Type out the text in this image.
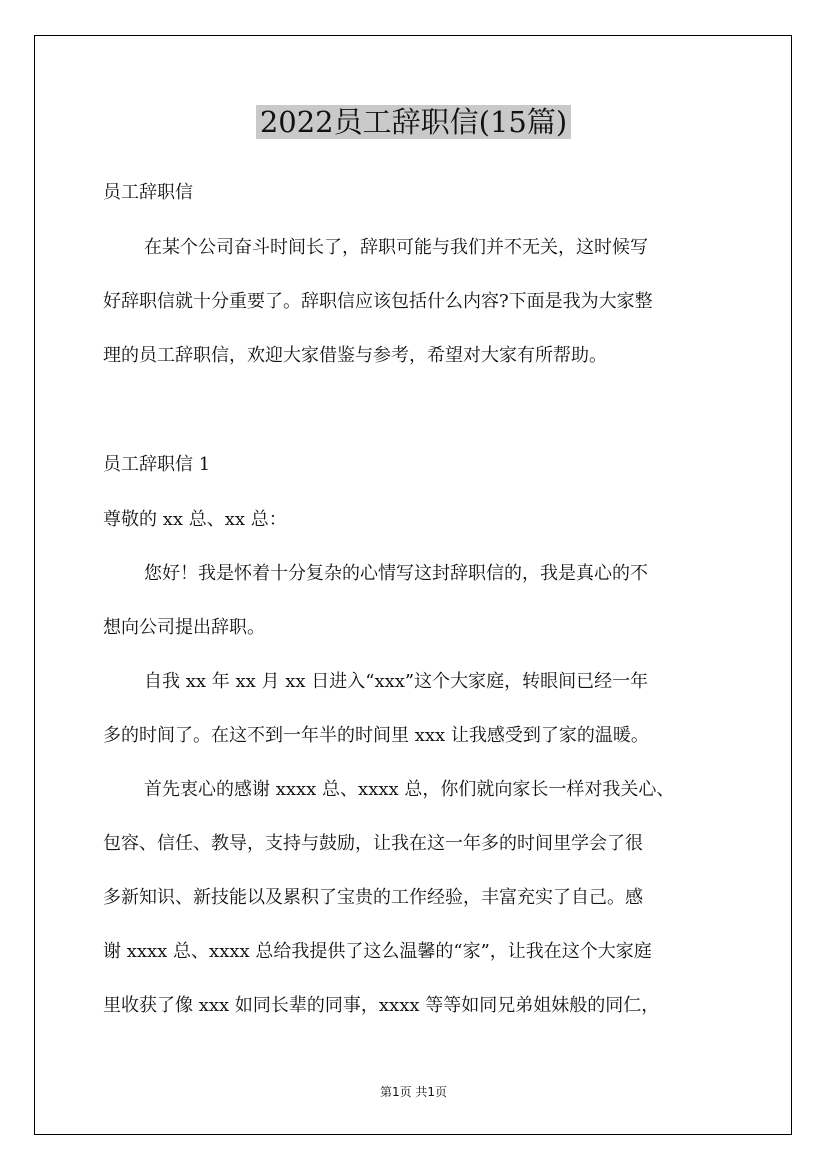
2022员工辞职信(15篇)
员工辞职信
在某个公司奋斗时间长了，辞职可能与我们并不无关，这时候写
好辞职信就十分重要了。辞职信应该包括什么内容?下面是我为大家整
理的员工辞职信，欢迎大家借鉴与参考，希望对大家有所帮助。
员工辞职信 1
尊敬的 xx 总、xx 总：
您好！我是怀着十分复杂的心情写这封辞职信的，我是真心的不
想向公司提出辞职。
自我 xx 年 xx 月 xx 日进入“xxx”这个大家庭，转眼间已经一年
多的时间了。在这不到一年半的时间里 xxx 让我感受到了家的温暖。
首先衷心的感谢 xxxx 总、xxxx 总，你们就向家长一样对我关心、
包容、信任、教导，支持与鼓励，让我在这一年多的时间里学会了很
多新知识、新技能以及累积了宝贵的工作经验，丰富充实了自己。感
谢 xxxx 总、xxxx 总给我提供了这么温馨的“家”，让我在这个大家庭
里收获了像 xxx 如同长辈的同事，xxxx 等等如同兄弟姐妹般的同仁，
第1页 共1页
